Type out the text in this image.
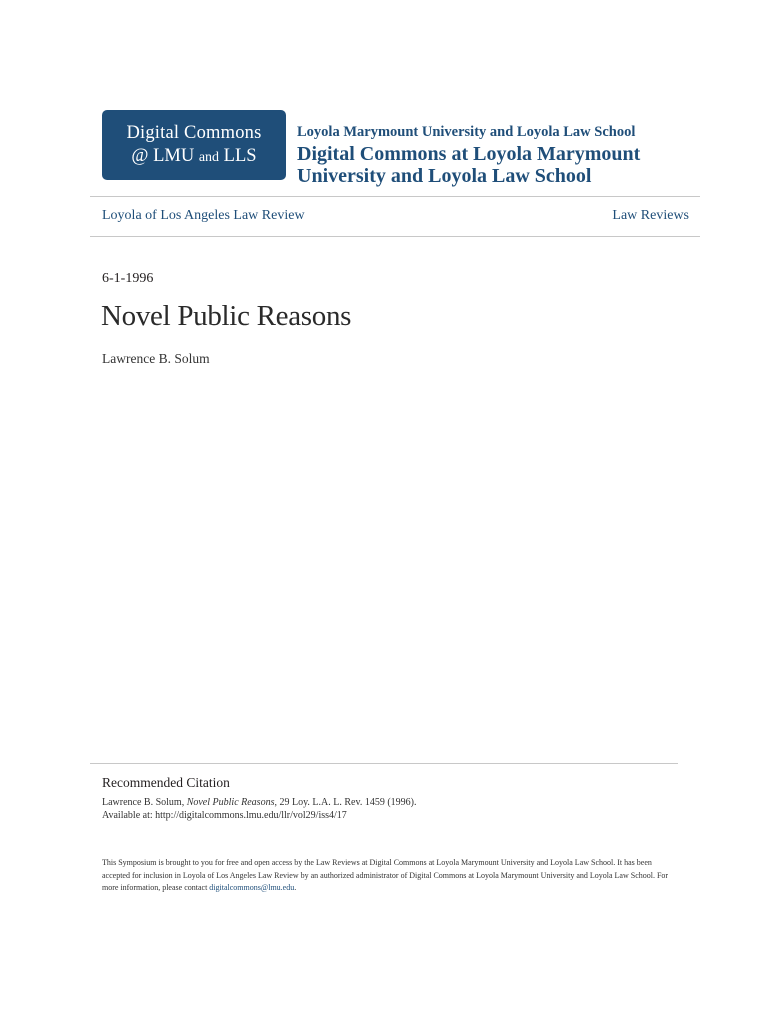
Digital Commons
@ LMU and LLS
Loyola Marymount University and Loyola Law School
Digital Commons at Loyola Marymount University and Loyola Law School
Loyola of Los Angeles Law Review	Law Reviews
6-1-1996
Novel Public Reasons
Lawrence B. Solum
Recommended Citation
Lawrence B. Solum, Novel Public Reasons, 29 Loy. L.A. L. Rev. 1459 (1996).
Available at: http://digitalcommons.lmu.edu/llr/vol29/iss4/17
This Symposium is brought to you for free and open access by the Law Reviews at Digital Commons at Loyola Marymount University and Loyola Law School. It has been accepted for inclusion in Loyola of Los Angeles Law Review by an authorized administrator of Digital Commons at Loyola Marymount University and Loyola Law School. For more information, please contact digitalcommons@lmu.edu.
